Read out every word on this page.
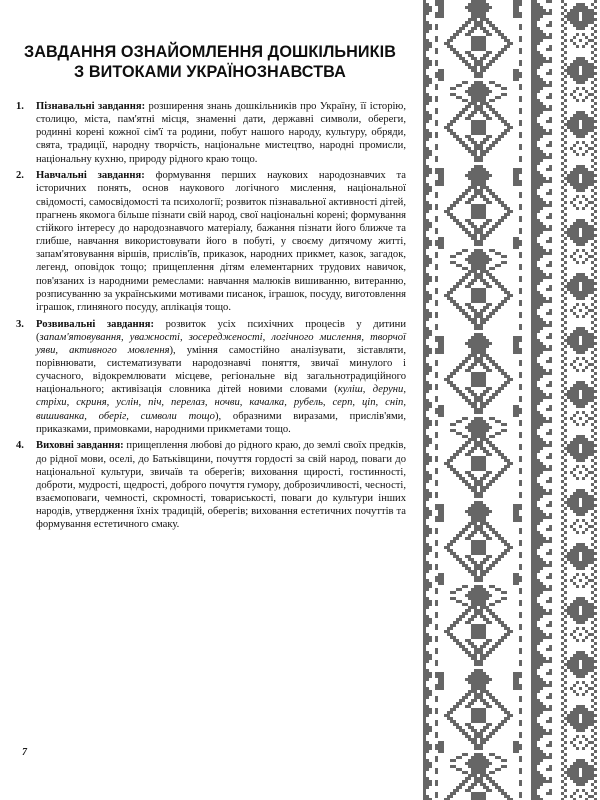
ЗАВДАННЯ ОЗНАЙОМЛЕННЯ ДОШКІЛЬНИКІВ
З ВИТОКАМИ УКРАЇНОЗНАВСТВА
1.	Пізнавальні завдання: розширення знань дошкільників про Україну, її історію, столицю, міста, пам'ятні місця, знаменні дати, державні символи, обереги, родинні корені кожної сім'ї та родини, побут нашого народу, культуру, обряди, свята, традиції, народну творчість, національне мистецтво, народні промисли, національну кухню, природу рідного краю тощо.
2.	Навчальні завдання: формування перших наукових народознавчих та історичних понять, основ наукового логічного мислення, національної свідомості, самосвідомості та психології; розвиток пізнавальної активності дітей, прагнень якомога більше пізнати свій народ, свої національні корені; формування стійкого інтересу до народознавчого матеріалу, бажання пізнати його ближче та глибше, навчання використовувати його в побуті, у своєму дитячому житті, запам'ятовування віршів, прислів'їв, приказок, народних прикмет, казок, загадок, легенд, оповідок тощо; прищеплення дітям елементарних трудових навичок, пов'язаних із народними ремеслами: навчання малюків вишиванню, витеранню, розписуванню за українськими мотивами писанок, іграшок, посуду, виготовлення іграшок, глиняного посуду, аплікація тощо.
3.	Розвивальні завдання: розвиток усіх психічних процесів у дитини (запам'ятовування, уважності, зосередженості, логічного мислення, творчої уяви, активного мовлення), уміння самостійно аналізувати, зіставляти, порівнювати, систематизувати народознавчі поняття, звичаї минулого і сучасного, відокремлювати місцеве, регіональне від загальнотрадиційного національного; активізація словника дітей новими словами (куліш, деруни, стріхи, скриня, услін, піч, перелаз, ночви, качалка, рубель, серп, ціп, сніп, вишиванка, оберіг, символи тощо), образними виразами, прислів'ями, приказками, примовками, народними прикметами тощо.
4.	Виховні завдання: прищеплення любові до рідного краю, до землі своїх предків, до рідної мови, оселі, до Батьківщини, почуття гордості за свій народ, поваги до національної культури, звичаїв та оберегів; виховання щирості, гостинності, доброти, мудрості, щедрості, доброго почуття гумору, доброзичливості, чесності, взаємоповаги, чемності, скромності, товариськості, поваги до культури інших народів, утвердження їхніх традицій, оберегів; виховання естетичних почуттів та формування естетичного смаку.
7
